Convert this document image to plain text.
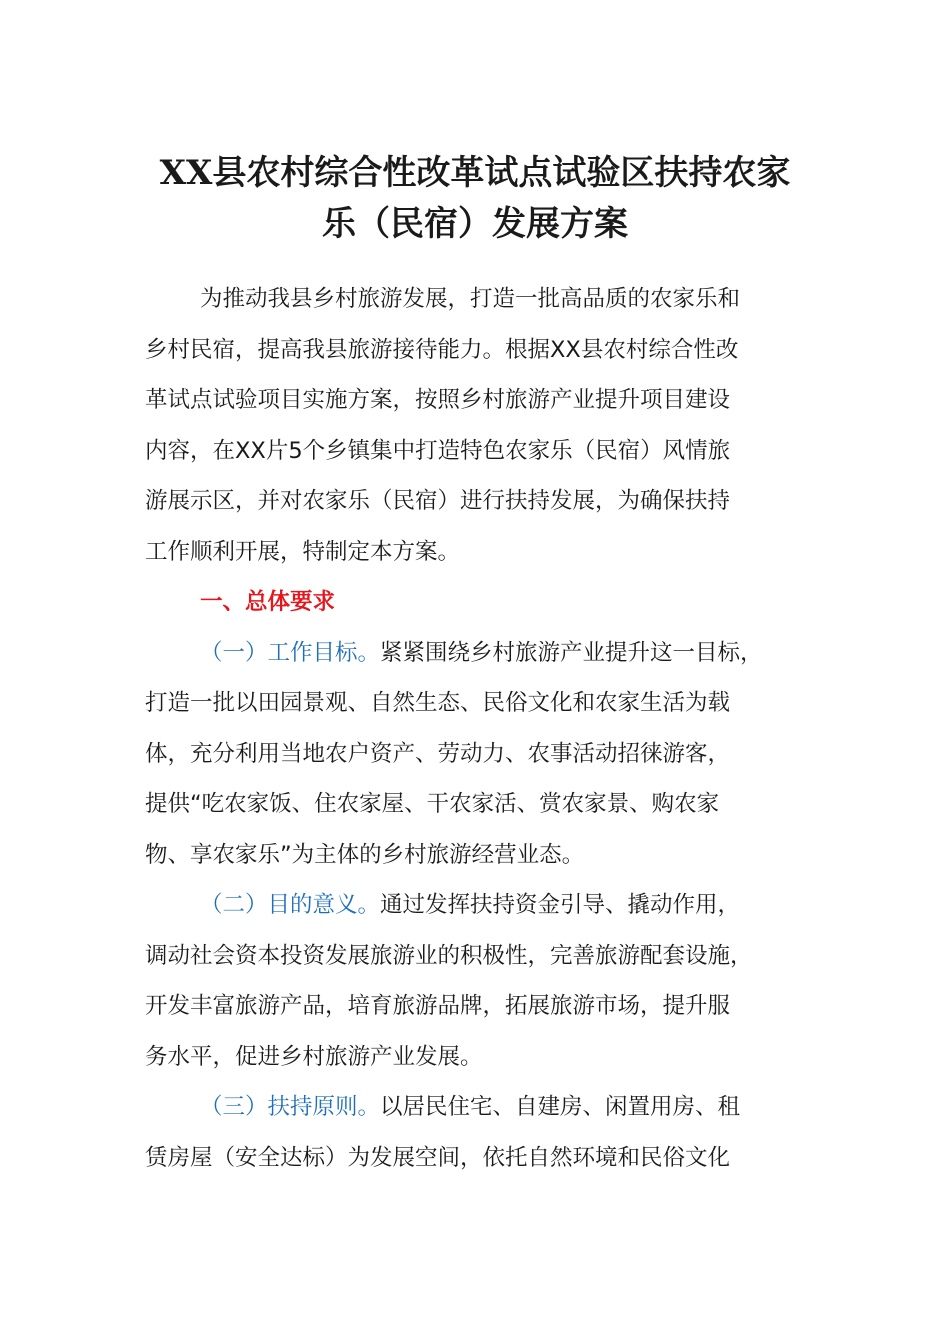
XX县农村综合性改革试点试验区扶持农家
乐（民宿）发展方案
为推动我县乡村旅游发展，打造一批高品质的农家乐和
乡村民宿，提高我县旅游接待能力。根据XX县农村综合性改
革试点试验项目实施方案，按照乡村旅游产业提升项目建设
内容，在XX片5个乡镇集中打造特色农家乐（民宿）风情旅
游展示区，并对农家乐（民宿）进行扶持发展，为确保扶持
工作顺利开展，特制定本方案。
一、总体要求
（一）工作目标。紧紧围绕乡村旅游产业提升这一目标，
打造一批以田园景观、自然生态、民俗文化和农家生活为载
体，充分利用当地农户资产、劳动力、农事活动招徕游客，
提供“吃农家饭、住农家屋、干农家活、赏农家景、购农家
物、享农家乐”为主体的乡村旅游经营业态。
（二）目的意义。通过发挥扶持资金引导、撬动作用，
调动社会资本投资发展旅游业的积极性，完善旅游配套设施，
开发丰富旅游产品，培育旅游品牌，拓展旅游市场，提升服
务水平，促进乡村旅游产业发展。
（三）扶持原则。以居民住宅、自建房、闲置用房、租
赁房屋（安全达标）为发展空间，依托自然环境和民俗文化
